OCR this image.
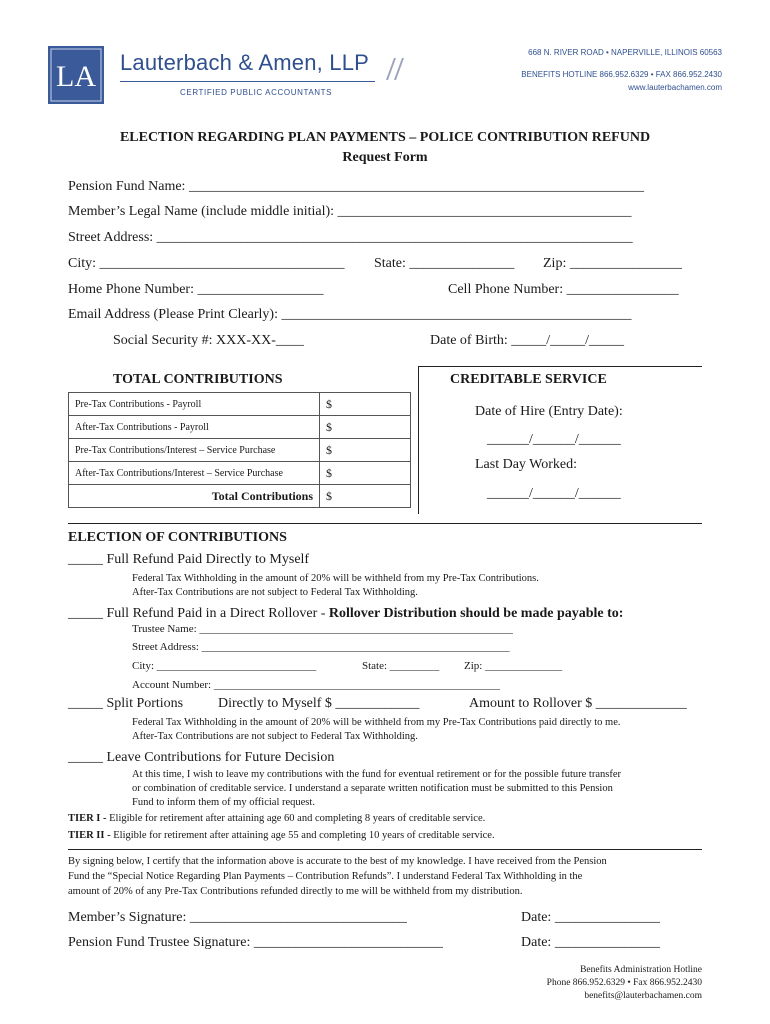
LA Lauterbach & Amen, LLP
CERTIFIED PUBLIC ACCOUNTANTS
668 N. RIVER ROAD • NAPERVILLE, ILLINOIS 60563
BENEFITS HOTLINE 866.952.6329 • FAX 866.952.2430
www.lauterbachamen.com
ELECTION REGARDING PLAN PAYMENTS – POLICE CONTRIBUTION REFUND
Request Form
Pension Fund Name: _________________________________________________________________
Member’s Legal Name (include middle initial): __________________________________________
Street Address: ____________________________________________________________________
City: ___________________________________ State: _______________ Zip: ________________
Home Phone Number: __________________	Cell Phone Number: ________________
Email Address (Please Print Clearly): __________________________________________________
Social Security #: XXX-XX-____	Date of Birth: _____/_____/_____
TOTAL CONTRIBUTIONS	CREDITABLE SERVICE
Pre-Tax Contributions - Payroll	$
After-Tax Contributions - Payroll	$
Pre-Tax Contributions/Interest – Service Purchase	$
After-Tax Contributions/Interest – Service Purchase	$
Total Contributions	$
Date of Hire (Entry Date):
______/______/______
Last Day Worked:
______/______/______
ELECTION OF CONTRIBUTIONS
_____ Full Refund Paid Directly to Myself
Federal Tax Withholding in the amount of 20% will be withheld from my Pre-Tax Contributions.
After-Tax Contributions are not subject to Federal Tax Withholding.
_____ Full Refund Paid in a Direct Rollover - Rollover Distribution should be made payable to:
Trustee Name: _________________________________________________________
Street Address: ________________________________________________________
City: _____________________________	State: _________ Zip: ______________
Account Number: ____________________________________________________
_____ Split Portions Directly to Myself $ ____________	Amount to Rollover $ _____________
Federal Tax Withholding in the amount of 20% will be withheld from my Pre-Tax Contributions paid directly to me.
After-Tax Contributions are not subject to Federal Tax Withholding.
_____ Leave Contributions for Future Decision
At this time, I wish to leave my contributions with the fund for eventual retirement or for the possible future transfer
or combination of creditable service. I understand a separate written notification must be submitted to this Pension
Fund to inform them of my official request.
TIER I - Eligible for retirement after attaining age 60 and completing 8 years of creditable service.
TIER II - Eligible for retirement after attaining age 55 and completing 10 years of creditable service.
By signing below, I certify that the information above is accurate to the best of my knowledge. I have received from the Pension
Fund the “Special Notice Regarding Plan Payments – Contribution Refunds”. I understand Federal Tax Withholding in the
amount of 20% of any Pre-Tax Contributions refunded directly to me will be withheld from my distribution.
Member’s Signature: _______________________________	Date: _______________
Pension Fund Trustee Signature: ___________________________	Date: _______________
Benefits Administration Hotline
Phone 866.952.6329 • Fax 866.952.2430
benefits@lauterbachamen.com
